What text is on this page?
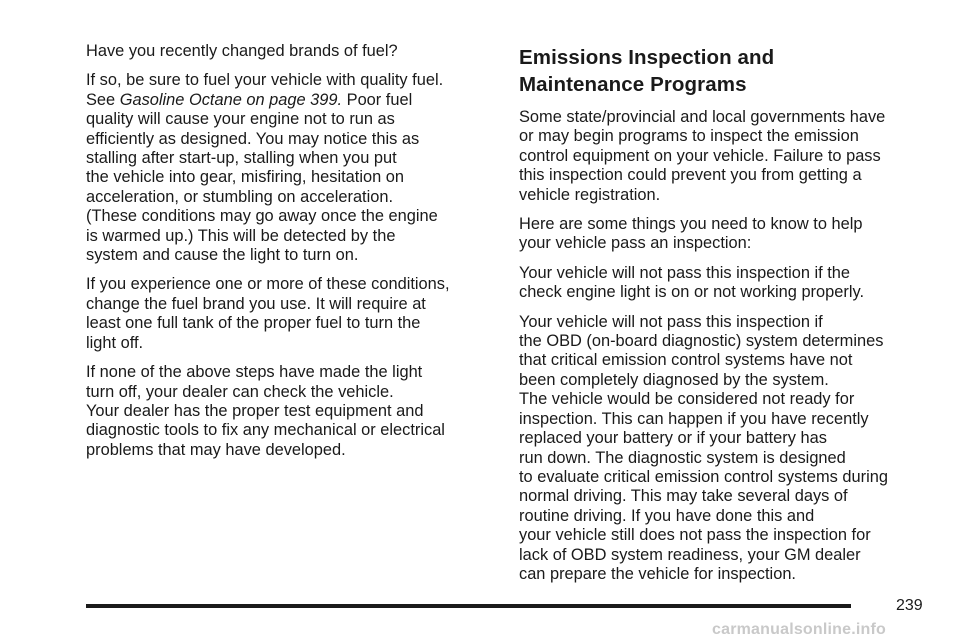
Have you recently changed brands of fuel?
If so, be sure to fuel your vehicle with quality fuel.
See Gasoline Octane on page 399. Poor fuel
quality will cause your engine not to run as
efficiently as designed. You may notice this as
stalling after start-up, stalling when you put
the vehicle into gear, misfiring, hesitation on
acceleration, or stumbling on acceleration.
(These conditions may go away once the engine
is warmed up.) This will be detected by the
system and cause the light to turn on.
If you experience one or more of these conditions,
change the fuel brand you use. It will require at
least one full tank of the proper fuel to turn the
light off.
If none of the above steps have made the light
turn off, your dealer can check the vehicle.
Your dealer has the proper test equipment and
diagnostic tools to fix any mechanical or electrical
problems that may have developed.
Emissions Inspection and
Maintenance Programs
Some state/provincial and local governments have
or may begin programs to inspect the emission
control equipment on your vehicle. Failure to pass
this inspection could prevent you from getting a
vehicle registration.
Here are some things you need to know to help
your vehicle pass an inspection:
Your vehicle will not pass this inspection if the
check engine light is on or not working properly.
Your vehicle will not pass this inspection if
the OBD (on-board diagnostic) system determines
that critical emission control systems have not
been completely diagnosed by the system.
The vehicle would be considered not ready for
inspection. This can happen if you have recently
replaced your battery or if your battery has
run down. The diagnostic system is designed
to evaluate critical emission control systems during
normal driving. This may take several days of
routine driving. If you have done this and
your vehicle still does not pass the inspection for
lack of OBD system readiness, your GM dealer
can prepare the vehicle for inspection.
239
carmanualsonline.info
